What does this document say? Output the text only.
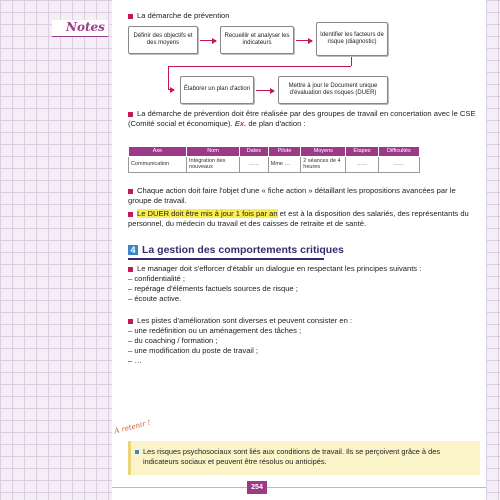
Notes
La démarche de prévention
Définir des objectifs et des moyens
Recueillir et analyser les indicateurs
Identifier les facteurs de risque (diagnostic)
Élaborer un plan d'action
Mettre à jour le Document unique d'évaluation des risques (DUER)
La démarche de prévention doit être réalisée par des groupes de travail en concertation avec le CSE (Comité social et économique). Ex. de plan d'action :
Axe	Nom	Dates	Pilote	Moyens	Étapes	Difficultés
Communication	Intégration des nouveaux	……	Mme …	2 séances de 4 heures	……	……
Chaque action doit faire l'objet d'une « fiche action » détaillant les propositions avancées par le groupe de travail.
Le DUER doit être mis à jour 1 fois par an et est à la disposition des salariés, des représentants du personnel, du médecin du travail et des caisses de retraite et de santé.
4 La gestion des comportements critiques
Le manager doit s'efforcer d'établir un dialogue en respectant les principes suivants :
– confidentialité ;
– repérage d'éléments factuels sources de risque ;
– écoute active.
Les pistes d'amélioration sont diverses et peuvent consister en :
– une redéfinition ou un aménagement des tâches ;
– du coaching / formation ;
– une modification du poste de travail ;
– …
À retenir !
Les risques psychosociaux sont liés aux conditions de travail. Ils se perçoivent grâce à des indicateurs sociaux et peuvent être résolus ou anticipés.
254
